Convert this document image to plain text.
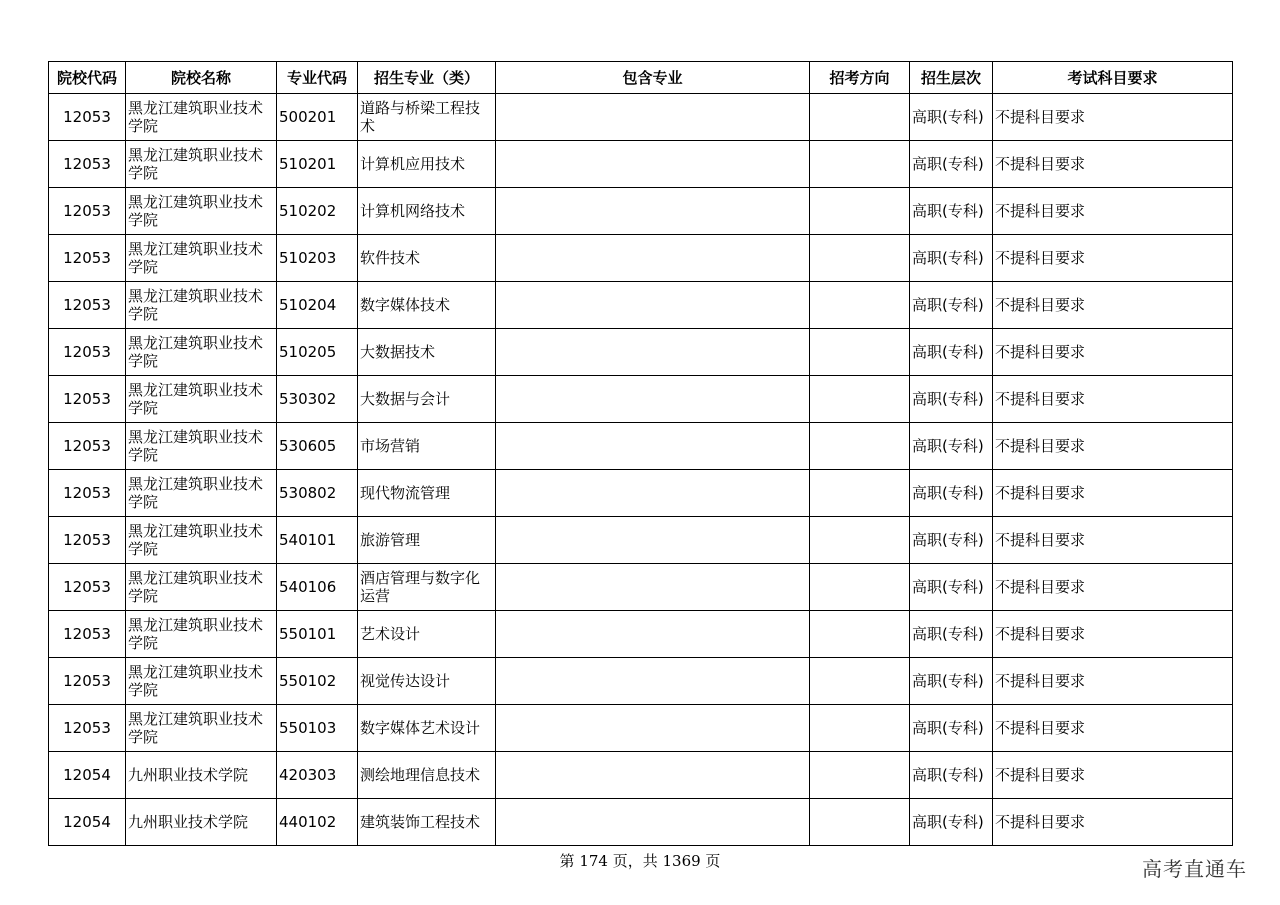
院校代码	院校名称	专业代码	招生专业（类）	包含专业	招考方向	招生层次	考试科目要求
12053	黑龙江建筑职业技术学院	500201	道路与桥梁工程技术			高职(专科)	不提科目要求
12053	黑龙江建筑职业技术学院	510201	计算机应用技术			高职(专科)	不提科目要求
12053	黑龙江建筑职业技术学院	510202	计算机网络技术			高职(专科)	不提科目要求
12053	黑龙江建筑职业技术学院	510203	软件技术			高职(专科)	不提科目要求
12053	黑龙江建筑职业技术学院	510204	数字媒体技术			高职(专科)	不提科目要求
12053	黑龙江建筑职业技术学院	510205	大数据技术			高职(专科)	不提科目要求
12053	黑龙江建筑职业技术学院	530302	大数据与会计			高职(专科)	不提科目要求
12053	黑龙江建筑职业技术学院	530605	市场营销			高职(专科)	不提科目要求
12053	黑龙江建筑职业技术学院	530802	现代物流管理			高职(专科)	不提科目要求
12053	黑龙江建筑职业技术学院	540101	旅游管理			高职(专科)	不提科目要求
12053	黑龙江建筑职业技术学院	540106	酒店管理与数字化运营			高职(专科)	不提科目要求
12053	黑龙江建筑职业技术学院	550101	艺术设计			高职(专科)	不提科目要求
12053	黑龙江建筑职业技术学院	550102	视觉传达设计			高职(专科)	不提科目要求
12053	黑龙江建筑职业技术学院	550103	数字媒体艺术设计			高职(专科)	不提科目要求
12054	九州职业技术学院	420303	测绘地理信息技术			高职(专科)	不提科目要求
12054	九州职业技术学院	440102	建筑装饰工程技术			高职(专科)	不提科目要求
第 174 页，共 1369 页	高考直通车
